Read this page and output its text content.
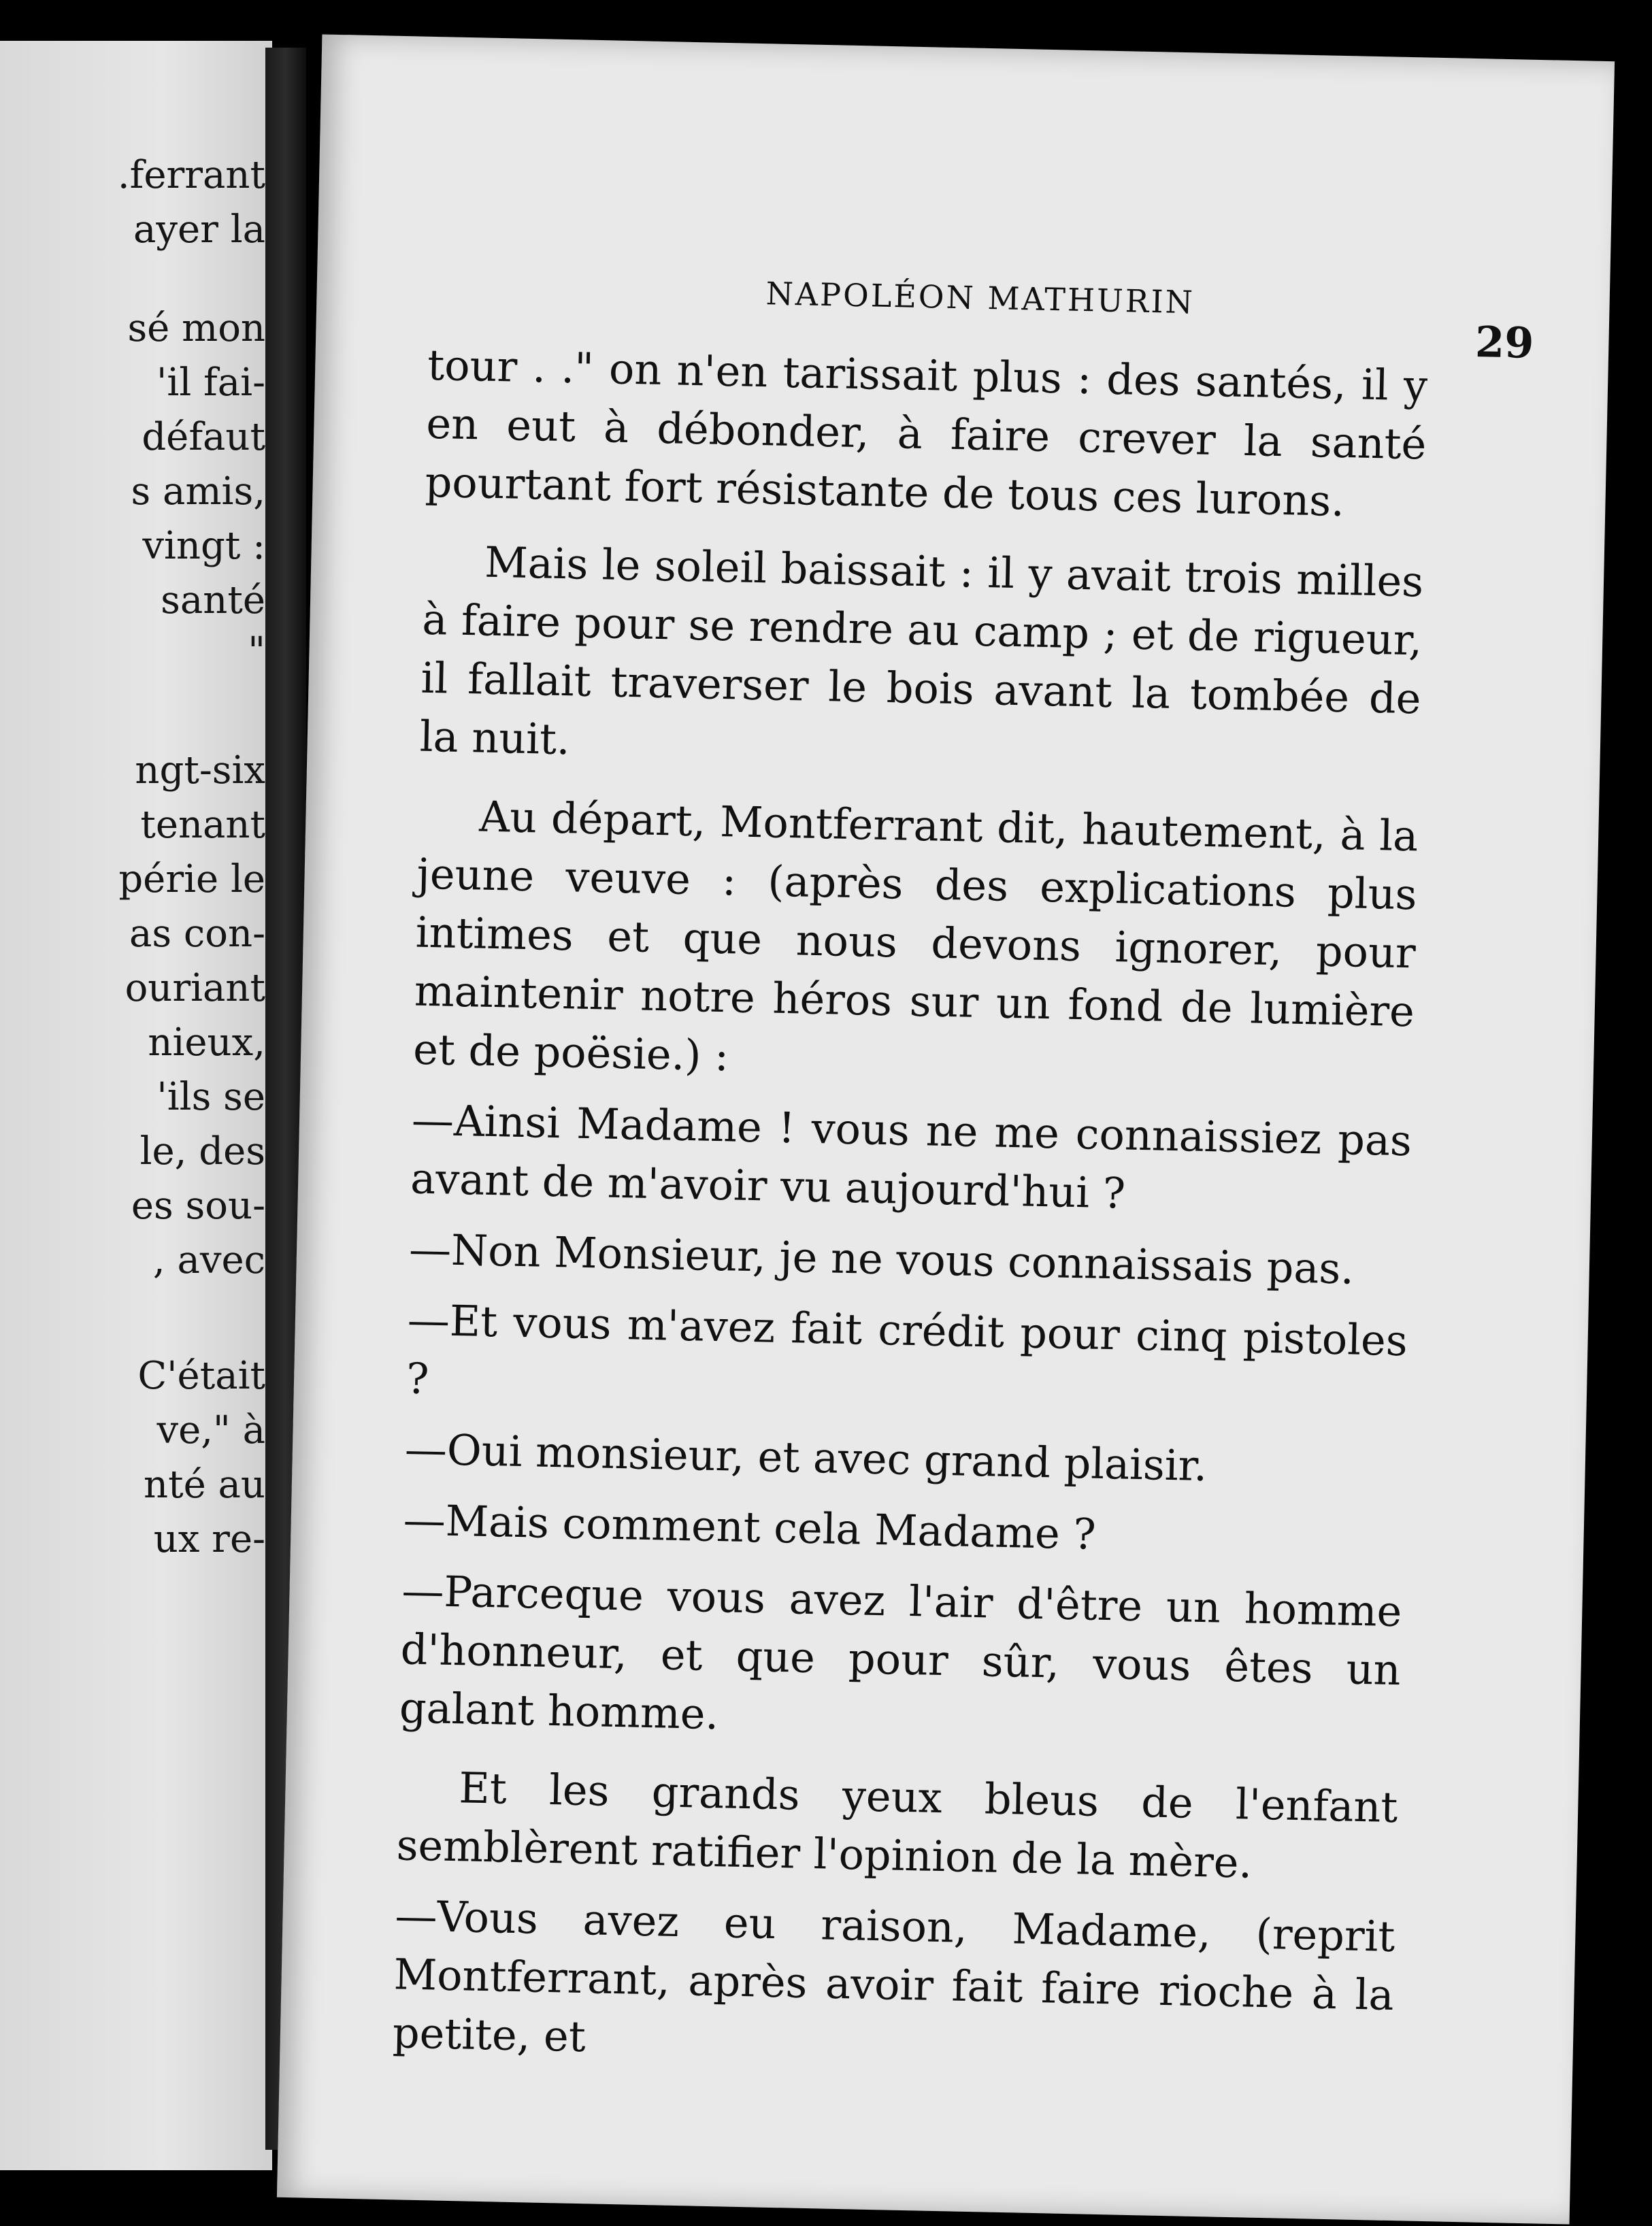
.ferrant
ayer la
sé mon
'il fai-
défaut
s amis,
vingt :
santé
"
ngt-six
tenant
périe le
as con-
ouriant
nieux,
'ils se
le, des
es sou-
, avec
C'était
ve," à
nté au
ux re-
NAPOLÉON MATHURIN
29

tour . ." on n'en tarissait plus : des santés, il y en eut à débonder, à faire crever la santé pourtant fort résistante de tous ces lurons.

Mais le soleil baissait : il y avait trois milles à faire pour se rendre au camp ; et de rigueur, il fallait traverser le bois avant la tombée de la nuit.

Au départ, Montferrant dit, hautement, à la jeune veuve : (après des explications plus intimes et que nous devons ignorer, pour maintenir notre héros sur un fond de lumière et de poësie.) :

—Ainsi Madame ! vous ne me connaissiez pas avant de m'avoir vu aujourd'hui ?

—Non Monsieur, je ne vous connaissais pas.

—Et vous m'avez fait crédit pour cinq pistoles ?

—Oui monsieur, et avec grand plaisir.

—Mais comment cela Madame ?

—Parceque vous avez l'air d'être un homme d'honneur, et que pour sûr, vous êtes un galant homme.

Et les grands yeux bleus de l'enfant semblèrent ratifier l'opinion de la mère.

—Vous avez eu raison, Madame, (reprit Montferrant, après avoir fait faire rioche à la petite, et
